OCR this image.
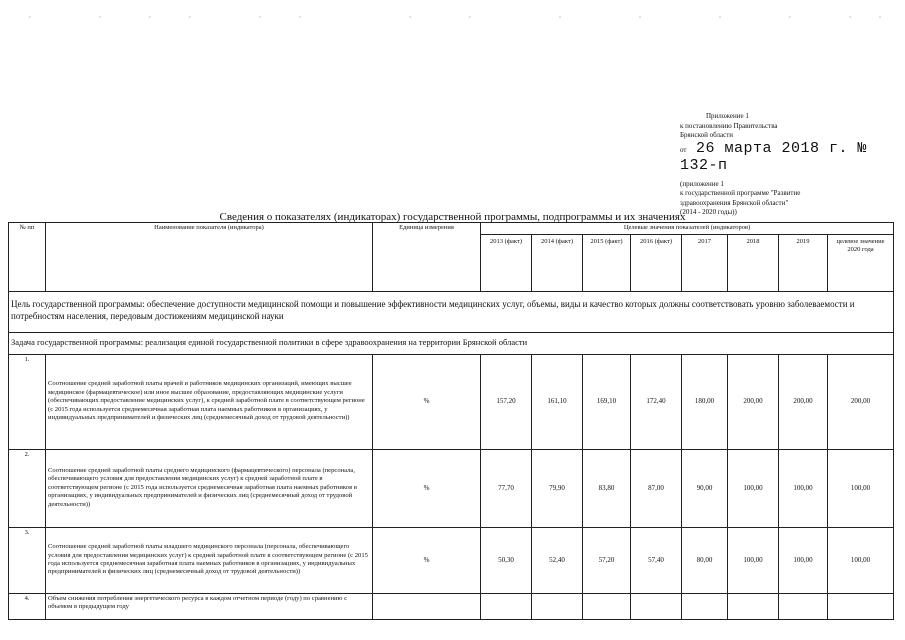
Приложение 1
к постановлению Правительства
Брянской области
от 26 марта 2018 г. № 132-п
(приложение 1
к государственной программе "Развитие
здравоохранения Брянской области"
(2014 - 2020 годы))
Сведения о показателях (индикаторах) государственной программы, подпрограммы и их значениях
№ пп	Наименование показателя (индикатора)	Единица измерения	Целевые значения показателей (индикаторов)							
			2013 (факт)	2014 (факт)	2015 (факт)	2016 (факт)	2017	2018	2019	целевое значение 2020 года
Цель государственной программы: обеспечение доступности медицинской помощи и повышение эффективности медицинских услуг, объемы, виды и качество которых должны соответствовать уровню заболеваемости и потребностям населения, передовым достижениям медицинской науки										
Задача государственной программы: реализация единой государственной политики в сфере здравоохранения на территории Брянской области										
1.	Соотношение средней заработной платы врачей и работников медицинских организаций, имеющих высшее медицинское (фармацевтическое) или иное высшее образование, предоставляющих медицинские услуги (обеспечивающих предоставление медицинских услуг), к средней заработной плате в соответствующем регионе (с 2015 года используется среднемесячная заработная плата наемных работников в организациях, у индивидуальных предпринимателей и физических лиц (среднемесячный доход от трудовой деятельности))	%	157,20	161,10	169,10	172,40	180,00	200,00	200,00	200,00
2.	Соотношение средней заработной платы среднего медицинского (фармацевтического) персонала (персонала, обеспечивающего условия для предоставления медицинских услуг) к средней заработной плате в соответствующем регионе (с 2015 года используется среднемесячная заработная плата наемных работников в организациях, у индивидуальных предпринимателей и физических лиц (среднемесячный доход от трудовой деятельности))	%	77,70	79,90	83,80	87,00	90,00	100,00	100,00	100,00
3.	Соотношение средней заработной платы младшего медицинского персонала (персонала, обеспечивающего условия для предоставления медицинских услуг) к средней заработной плате в соответствующем регионе (с 2015 года используется среднемесячная заработная плата наемных работников в организациях, у индивидуальных предпринимателей и физических лиц (среднемесячный доход от трудовой деятельности))	%	50,30	52,40	57,20	57,40	80,00	100,00	100,00	100,00
4.	Объем снижения потребления энергетического ресурса в каждом отчетном периоде (году) по сравнению с объемом в предыдущем году									
